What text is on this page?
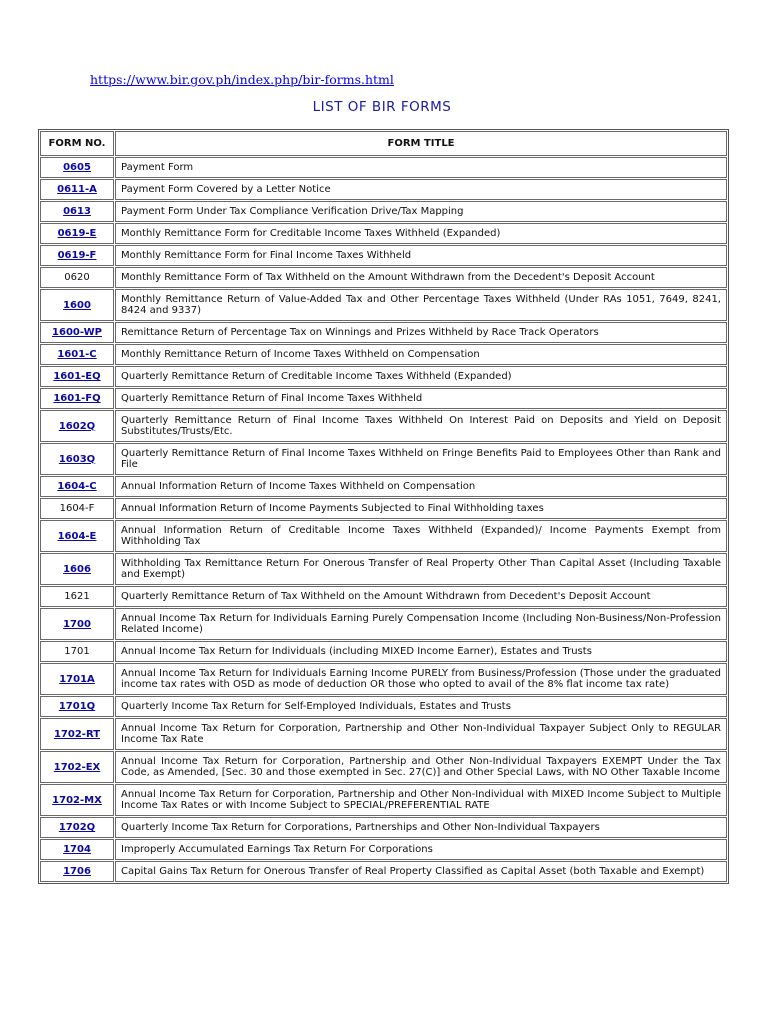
https://www.bir.gov.ph/index.php/bir-forms.html
LIST OF BIR FORMS
FORM NO.	FORM TITLE
0605	Payment Form
0611-A	Payment Form Covered by a Letter Notice
0613	Payment Form Under Tax Compliance Verification Drive/Tax Mapping
0619-E	Monthly Remittance Form for Creditable Income Taxes Withheld (Expanded)
0619-F	Monthly Remittance Form for Final Income Taxes Withheld
0620	Monthly Remittance Form of Tax Withheld on the Amount Withdrawn from the Decedent's Deposit Account
1600	Monthly Remittance Return of Value-Added Tax and Other Percentage Taxes Withheld (Under RAs 1051, 7649, 8241, 8424 and 9337)
1600-WP	Remittance Return of Percentage Tax on Winnings and Prizes Withheld by Race Track Operators
1601-C	Monthly Remittance Return of Income Taxes Withheld on Compensation
1601-EQ	Quarterly Remittance Return of Creditable Income Taxes Withheld (Expanded)
1601-FQ	Quarterly Remittance Return of Final Income Taxes Withheld
1602Q	Quarterly Remittance Return of Final Income Taxes Withheld On Interest Paid on Deposits and Yield on Deposit Substitutes/Trusts/Etc.
1603Q	Quarterly Remittance Return of Final Income Taxes Withheld on Fringe Benefits Paid to Employees Other than Rank and File
1604-C	Annual Information Return of Income Taxes Withheld on Compensation
1604-F	Annual Information Return of Income Payments Subjected to Final Withholding taxes
1604-E	Annual Information Return of Creditable Income Taxes Withheld (Expanded)/ Income Payments Exempt from Withholding Tax
1606	Withholding Tax Remittance Return For Onerous Transfer of Real Property Other Than Capital Asset (Including Taxable and Exempt)
1621	Quarterly Remittance Return of Tax Withheld on the Amount Withdrawn from Decedent's Deposit Account
1700	Annual Income Tax Return for Individuals Earning Purely Compensation Income (Including Non-Business/Non-Profession Related Income)
1701	Annual Income Tax Return for Individuals (including MIXED Income Earner), Estates and Trusts
1701A	Annual Income Tax Return for Individuals Earning Income PURELY from Business/Profession (Those under the graduated income tax rates with OSD as mode of deduction OR those who opted to avail of the 8% flat income tax rate)
1701Q	Quarterly Income Tax Return for Self-Employed Individuals, Estates and Trusts
1702-RT	Annual Income Tax Return for Corporation, Partnership and Other Non-Individual Taxpayer Subject Only to REGULAR Income Tax Rate
1702-EX	Annual Income Tax Return for Corporation, Partnership and Other Non-Individual Taxpayers EXEMPT Under the Tax Code, as Amended, [Sec. 30 and those exempted in Sec. 27(C)] and Other Special Laws, with NO Other Taxable Income
1702-MX	Annual Income Tax Return for Corporation, Partnership and Other Non-Individual with MIXED Income Subject to Multiple Income Tax Rates or with Income Subject to SPECIAL/PREFERENTIAL RATE
1702Q	Quarterly Income Tax Return for Corporations, Partnerships and Other Non-Individual Taxpayers
1704	Improperly Accumulated Earnings Tax Return For Corporations
1706	Capital Gains Tax Return for Onerous Transfer of Real Property Classified as Capital Asset (both Taxable and Exempt)
